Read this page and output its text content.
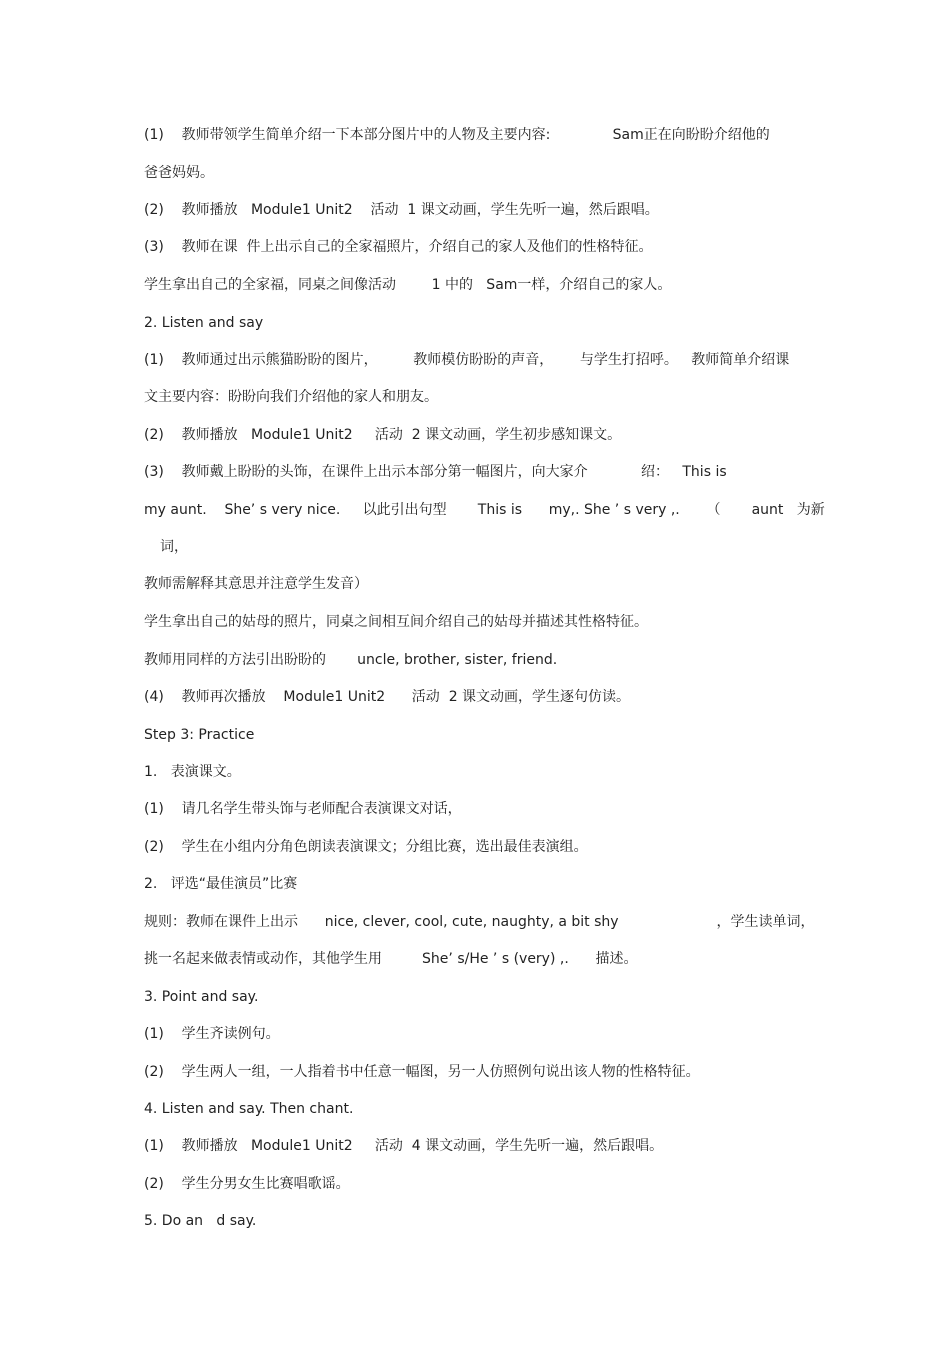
(1)    教师带领学生简单介绍一下本部分图片中的人物及主要内容:              Sam正在向盼盼介绍他的
爸爸妈妈。
(2)    教师播放   Module1 Unit2    活动  1 课文动画，学生先听一遍，然后跟唱。
(3)    教师在课  件上出示自己的全家福照片，介绍自己的家人及他们的性格特征。
学生拿出自己的全家福，同桌之间像活动        1 中的   Sam一样，介绍自己的家人。
2. Listen and say
(1)    教师通过出示熊猫盼盼的图片，        教师模仿盼盼的声音，      与学生打招呼。   教师简单介绍课
文主要内容：盼盼向我们介绍他的家人和朋友。
(2)    教师播放   Module1 Unit2     活动  2 课文动画，学生初步感知课文。
(3)    教师戴上盼盼的头饰，在课件上出示本部分第一幅图片，向大家介            绍：   This is
my aunt.    She’ s very nice.     以此引出句型       This is      my,. She ’ s very ,.      （       aunt   为新
词，
教师需解释其意思并注意学生发音）
学生拿出自己的姑母的照片，同桌之间相互间介绍自己的姑母并描述其性格特征。
教师用同样的方法引出盼盼的       uncle, brother, sister, friend.
(4)    教师再次播放    Module1 Unit2      活动  2 课文动画，学生逐句仿读。
Step 3: Practice
1.   表演课文。
(1)    请几名学生带头饰与老师配合表演课文对话，
(2)    学生在小组内分角色朗读表演课文；分组比赛，选出最佳表演组。
2.   评选“最佳演员”比赛
规则：教师在课件上出示      nice, clever, cool, cute, naughty, a bit shy                      ，学生读单词，
挑一名起来做表情或动作，其他学生用         She’ s/He ’ s (very) ,.      描述。
3. Point and say.
(1)    学生齐读例句。
(2)    学生两人一组，一人指着书中任意一幅图，另一人仿照例句说出该人物的性格特征。
4. Listen and say. Then chant.
(1)    教师播放   Module1 Unit2     活动  4 课文动画，学生先听一遍，然后跟唱。
(2)    学生分男女生比赛唱歌谣。
5. Do an   d say.
